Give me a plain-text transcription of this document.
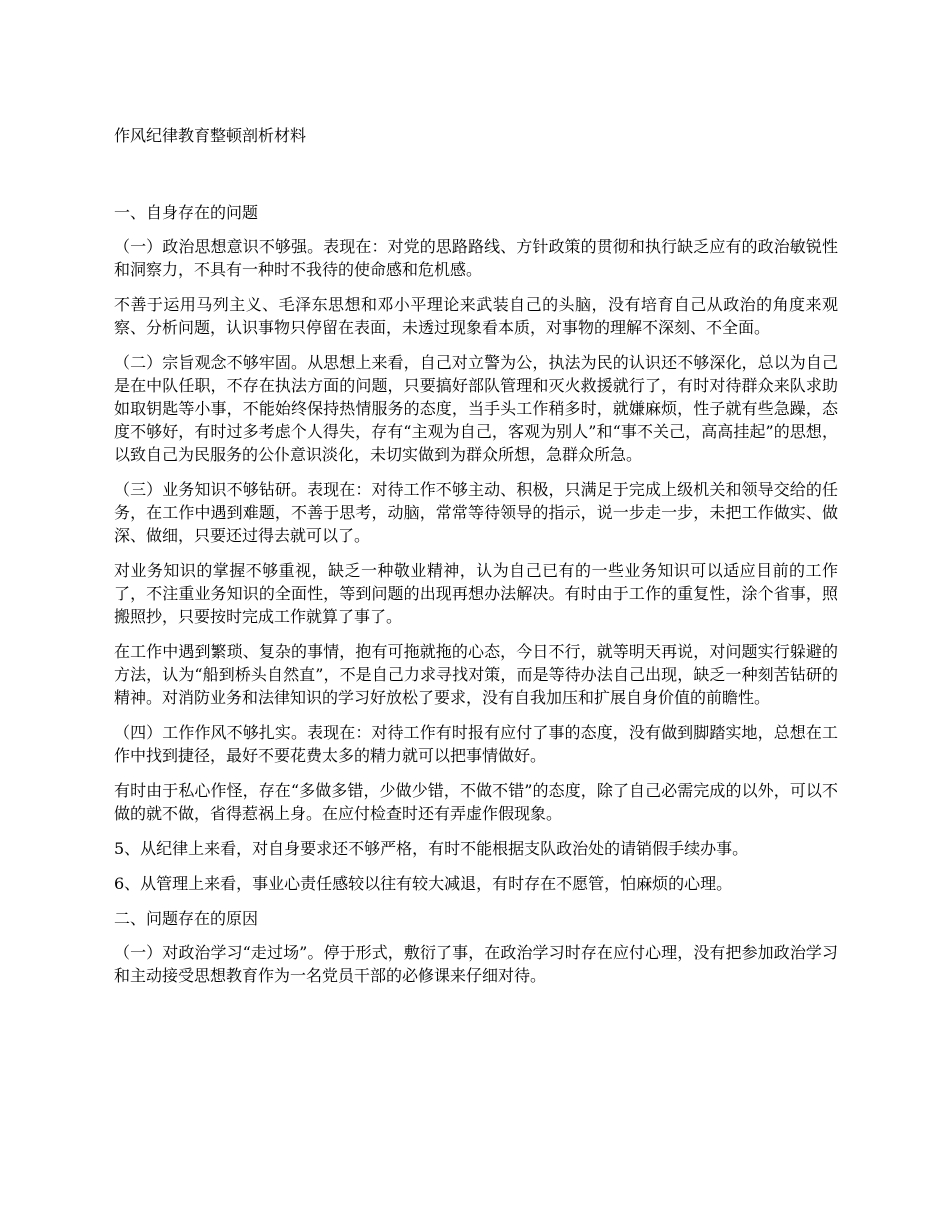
作风纪律教育整顿剖析材料

一、自身存在的问题

（一）政治思想意识不够强。表现在：对党的思路路线、方针政策的贯彻和执行缺乏应有的政治敏锐性和洞察力，不具有一种时不我待的使命感和危机感。

不善于运用马列主义、毛泽东思想和邓小平理论来武装自己的头脑，没有培育自己从政治的角度来观察、分析问题，认识事物只停留在表面，未透过现象看本质，对事物的理解不深刻、不全面。

（二）宗旨观念不够牢固。从思想上来看，自己对立警为公，执法为民的认识还不够深化，总以为自己是在中队任职，不存在执法方面的问题，只要搞好部队管理和灭火救援就行了，有时对待群众来队求助如取钥匙等小事，不能始终保持热情服务的态度，当手头工作稍多时，就嫌麻烦，性子就有些急躁，态度不够好，有时过多考虑个人得失，存有“主观为自己，客观为别人”和“事不关己，高高挂起”的思想，以致自己为民服务的公仆意识淡化，未切实做到为群众所想，急群众所急。

（三）业务知识不够钻研。表现在：对待工作不够主动、积极，只满足于完成上级机关和领导交给的任务，在工作中遇到难题，不善于思考，动脑，常常等待领导的指示，说一步走一步，未把工作做实、做深、做细，只要还过得去就可以了。

对业务知识的掌握不够重视，缺乏一种敬业精神，认为自己已有的一些业务知识可以适应目前的工作了，不注重业务知识的全面性，等到问题的出现再想办法解决。有时由于工作的重复性，涂个省事，照搬照抄，只要按时完成工作就算了事了。

在工作中遇到繁琐、复杂的事情，抱有可拖就拖的心态，今日不行，就等明天再说，对问题实行躲避的方法，认为“船到桥头自然直”，不是自己力求寻找对策，而是等待办法自己出现，缺乏一种刻苦钻研的精神。对消防业务和法律知识的学习好放松了要求，没有自我加压和扩展自身价值的前瞻性。

（四）工作作风不够扎实。表现在：对待工作有时报有应付了事的态度，没有做到脚踏实地，总想在工作中找到捷径，最好不要花费太多的精力就可以把事情做好。

有时由于私心作怪，存在“多做多错，少做少错，不做不错”的态度，除了自己必需完成的以外，可以不做的就不做，省得惹祸上身。在应付检查时还有弄虚作假现象。

5、从纪律上来看，对自身要求还不够严格，有时不能根据支队政治处的请销假手续办事。

6、从管理上来看，事业心责任感较以往有较大减退，有时存在不愿管，怕麻烦的心理。

二、问题存在的原因

（一）对政治学习“走过场”。停于形式，敷衍了事，在政治学习时存在应付心理，没有把参加政治学习和主动接受思想教育作为一名党员干部的必修课来仔细对待。
